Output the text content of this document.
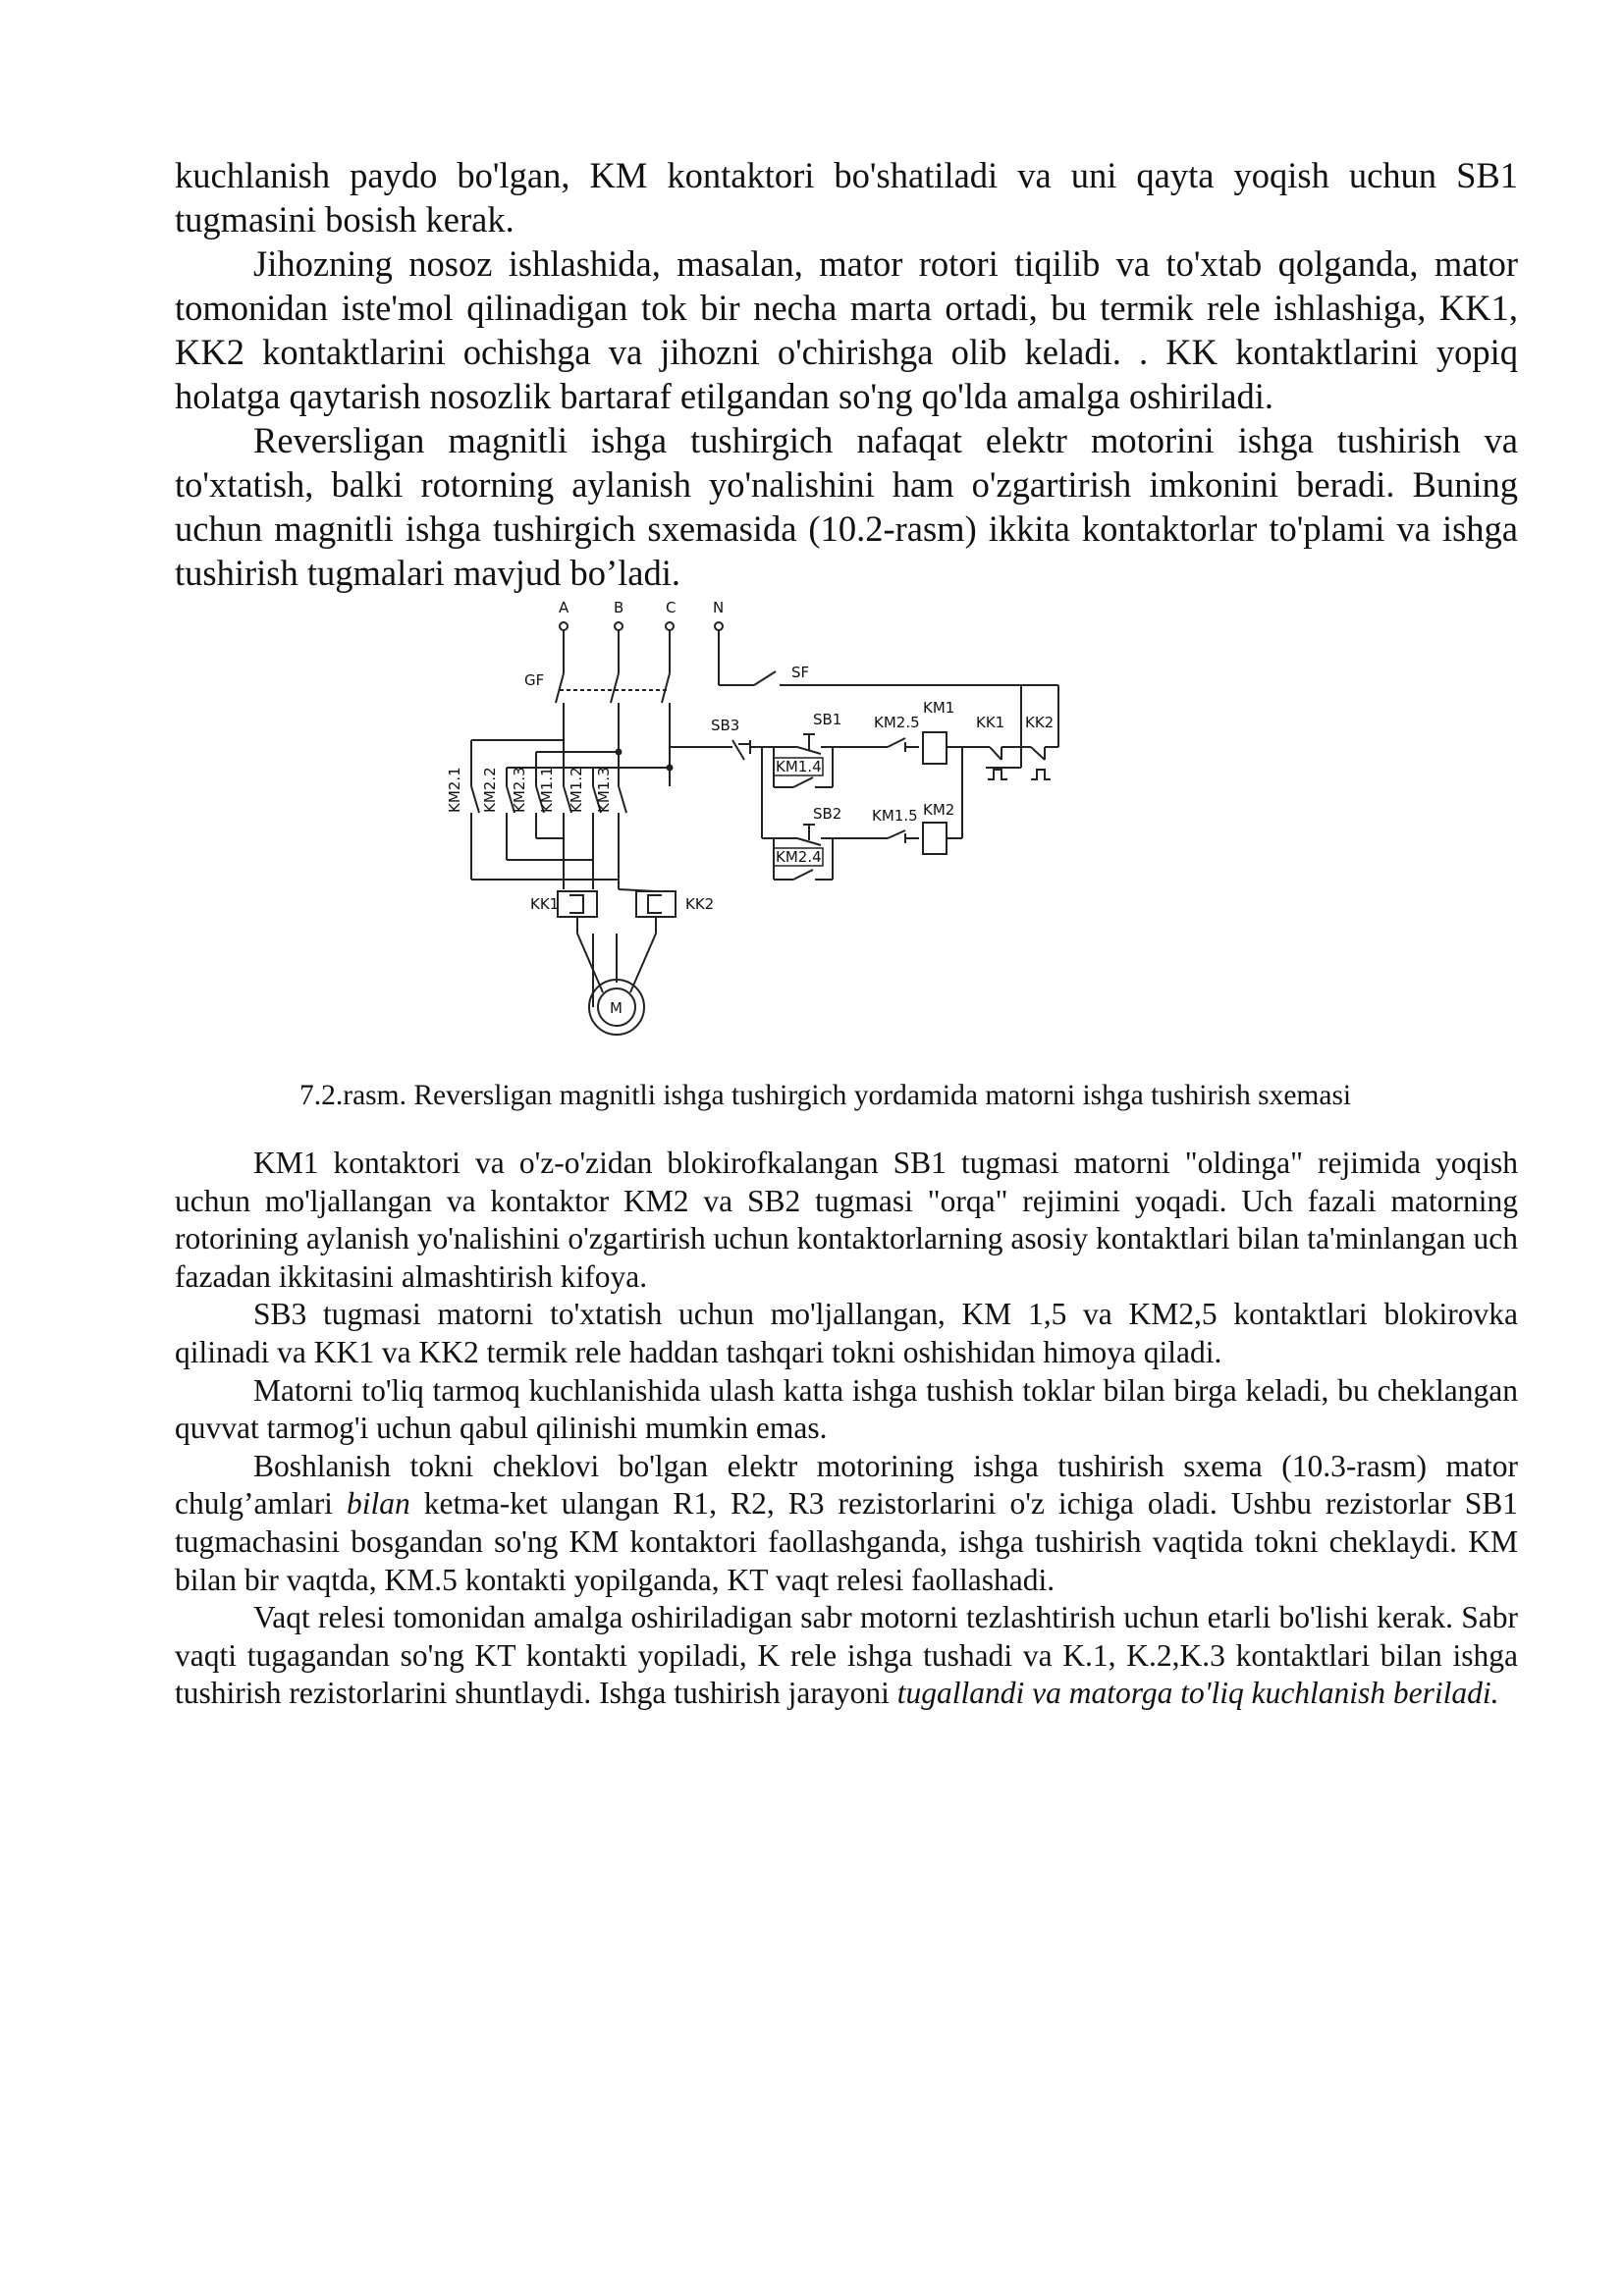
kuchlanish paydo bo'lgan, KM kontaktori bo'shatiladi va uni qayta yoqish uchun SB1 tugmasini bosish kerak.

Jihozning nosoz ishlashida, masalan, mator rotori tiqilib va to'xtab qolganda, mator tomonidan iste'mol qilinadigan tok bir necha marta ortadi, bu termik rele ishlashiga, KK1, KK2 kontaktlarini ochishga va jihozni o'chirishga olib keladi. . KK kontaktlarini yopiq holatga qaytarish nosozlik bartaraf etilgandan so'ng qo'lda amalga oshiriladi.

Reversligan magnitli ishga tushirgich nafaqat elektr motorini ishga tushirish va to'xtatish, balki rotorning aylanish yo'nalishini ham o'zgartirish imkonini beradi. Buning uchun magnitli ishga tushirgich sxemasida (10.2-rasm) ikkita kontaktorlar to'plami va ishga tushirish tugmalari mavjud bo’ladi.

A	B	C	N
GF	SF
KM2.1 KM2.2 KM2.3 KM1.1 KM1.2 KM1.3
KK1	KK2
M
SB3	SB1
KM1.4
KM2.5
KM1
KK1 KK2
SB2
KM2.4
KM1.5 KM2

7.2.rasm. Reversligan magnitli ishga tushirgich yordamida matorni ishga tushirish sxemasi

KM1 kontaktori va o'z-o'zidan blokirofkalangan SB1 tugmasi matorni "oldinga" rejimida yoqish uchun mo'ljallangan va kontaktor KM2 va SB2 tugmasi "orqa" rejimini yoqadi. Uch fazali matorning rotorining aylanish yo'nalishini o'zgartirish uchun kontaktorlarning asosiy kontaktlari bilan ta'minlangan uch fazadan ikkitasini almashtirish kifoya.

SB3 tugmasi matorni to'xtatish uchun mo'ljallangan, KM 1,5 va KM2,5 kontaktlari blokirovka qilinadi va KK1 va KK2 termik rele haddan tashqari tokni oshishidan himoya qiladi.

Matorni to'liq tarmoq kuchlanishida ulash katta ishga tushish toklar bilan birga keladi, bu cheklangan quvvat tarmog'i uchun qabul qilinishi mumkin emas.

Boshlanish tokni cheklovi bo'lgan elektr motorining ishga tushirish sxema (10.3-rasm) mator chulg’amlari bilan ketma-ket ulangan R1, R2, R3 rezistorlarini o'z ichiga oladi. Ushbu rezistorlar SB1 tugmachasini bosgandan so'ng KM kontaktori faollashganda, ishga tushirish vaqtida tokni cheklaydi. KM bilan bir vaqtda, KM.5 kontakti yopilganda, KT vaqt relesi faollashadi.

Vaqt relesi tomonidan amalga oshiriladigan sabr motorni tezlashtirish uchun etarli bo'lishi kerak. Sabr vaqti tugagandan so'ng KT kontakti yopiladi, K rele ishga tushadi va K.1, K.2,K.3 kontaktlari bilan ishga tushirish rezistorlarini shuntlaydi. Ishga tushirish jarayoni tugallandi va matorga to'liq kuchlanish beriladi.
